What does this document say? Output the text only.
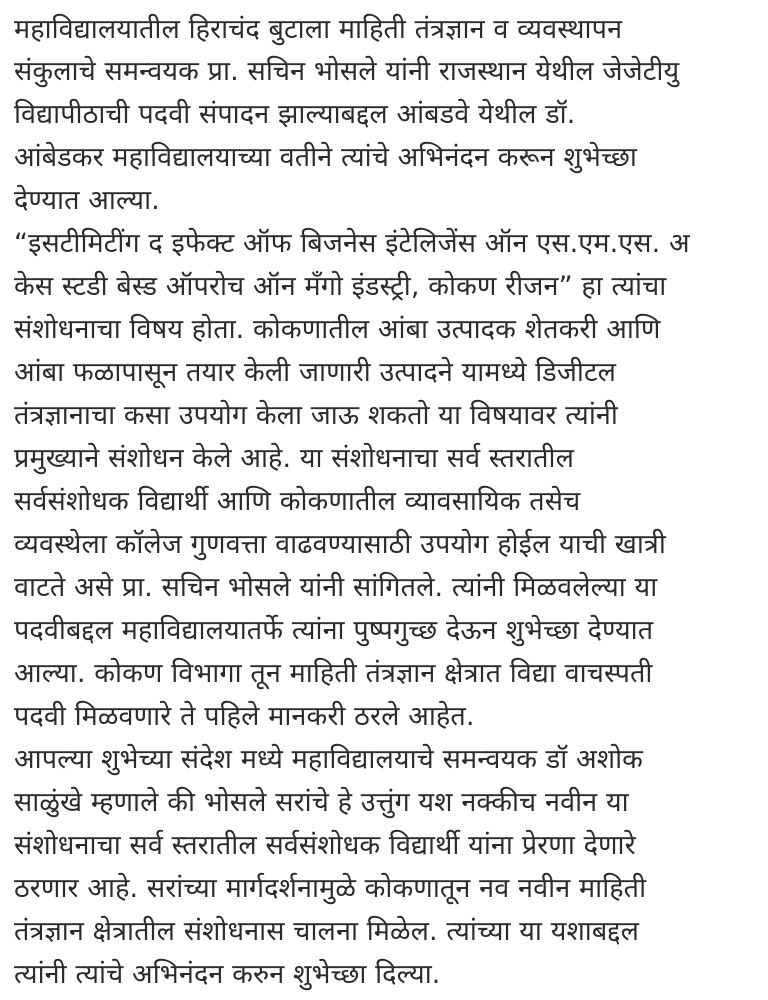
महाविद्यालयातील हिराचंद बुटाला माहिती तंत्रज्ञान व व्यवस्थापन
संकुलाचे समन्वयक प्रा. सचिन भोसले यांनी राजस्थान येथील जेजेटीयु
विद्यापीठाची पदवी संपादन झाल्याबद्दल आंबडवे येथील डॉ.
आंबेडकर महाविद्यालयाच्या वतीने त्यांचे अभिनंदन करून शुभेच्छा
देण्यात आल्या.
“इसटीमिटींग द इफेक्ट ऑफ बिजनेस इंटेलिजेंस ऑन एस.एम.एस. अ
केस स्टडी बेस्ड ऑपरोच ऑन मँगो इंडस्ट्री, कोकण रीजन” हा त्यांचा
संशोधनाचा विषय होता. कोकणातील आंबा उत्पादक शेतकरी आणि
आंबा फळापासून तयार केली जाणारी उत्पादने यामध्ये डिजीटल
तंत्रज्ञानाचा कसा उपयोग केला जाऊ शकतो या विषयावर त्यांनी
प्रमुख्याने संशोधन केले आहे. या संशोधनाचा सर्व स्तरातील
सर्वसंशोधक विद्यार्थी आणि कोकणातील व्यावसायिक तसेच
व्यवस्थेला कॉलेज गुणवत्ता वाढवण्यासाठी उपयोग होईल याची खात्री
वाटते असे प्रा. सचिन भोसले यांनी सांगितले. त्यांनी मिळवलेल्या या
पदवीबद्दल महाविद्यालयातर्फे त्यांना पुष्पगुच्छ देऊन शुभेच्छा देण्यात
आल्या. कोकण विभागा तून माहिती तंत्रज्ञान क्षेत्रात विद्या वाचस्पती
पदवी मिळवणारे ते पहिले मानकरी ठरले आहेत.
आपल्या शुभेच्या संदेश मध्ये महाविद्यालयाचे समन्वयक डॉ अशोक
साळुंखे म्हणाले की भोसले सरांचे हे उत्तुंग यश नक्कीच नवीन या
संशोधनाचा सर्व स्तरातील सर्वसंशोधक विद्यार्थी यांना प्रेरणा देणारे
ठरणार आहे. सरांच्या मार्गदर्शनामुळे कोकणातून नव नवीन माहिती
तंत्रज्ञान क्षेत्रातील संशोधनास चालना मिळेल. त्यांच्या या यशाबद्दल
त्यांनी त्यांचे अभिनंदन करुन शुभेच्छा दिल्या.
